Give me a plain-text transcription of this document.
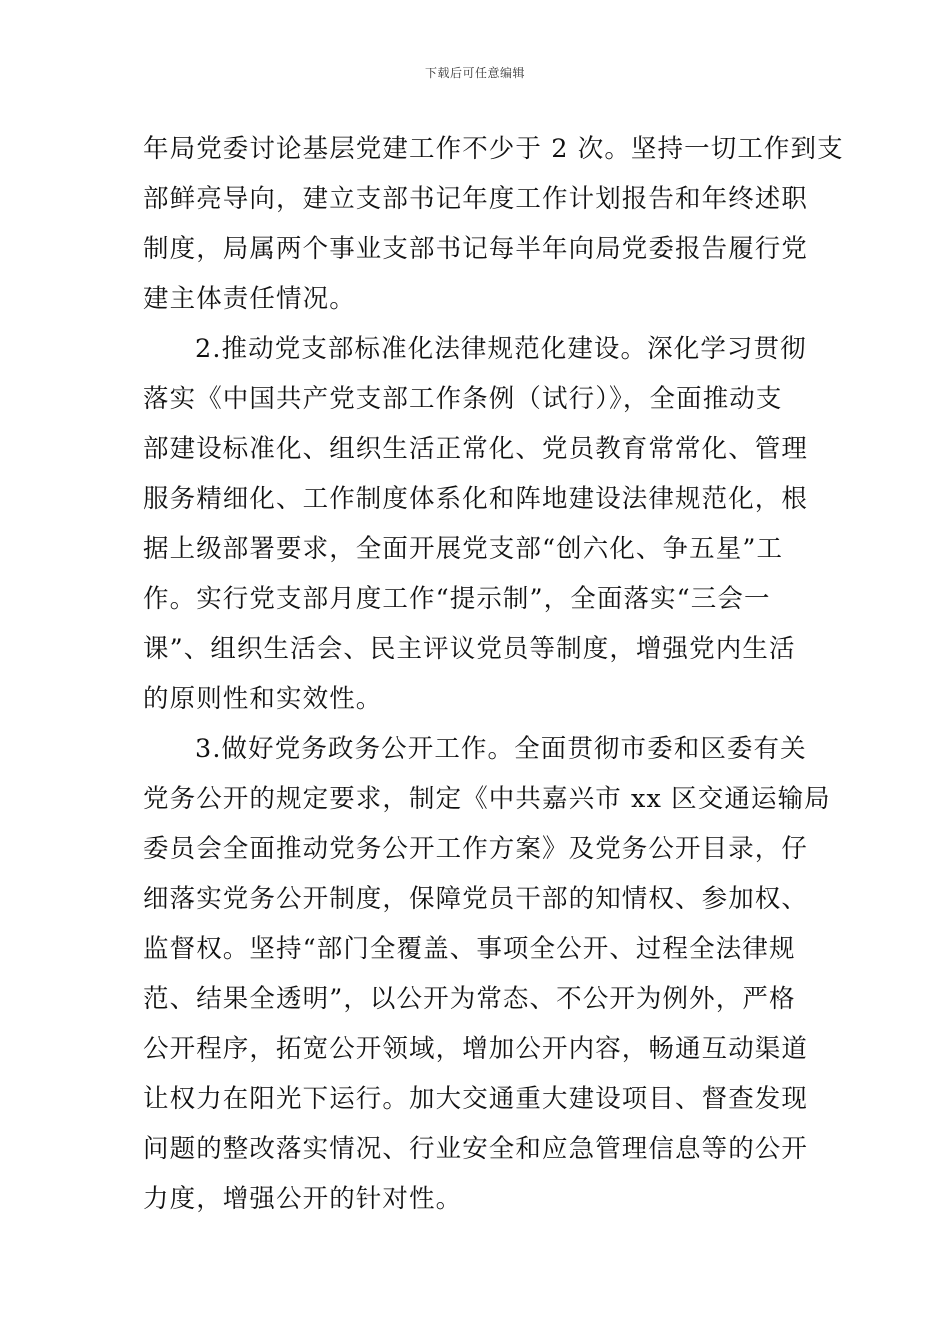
下载后可任意编辑
年局党委讨论基层党建工作不少于 2 次。坚持一切工作到支
部鲜亮导向，建立支部书记年度工作计划报告和年终述职
制度，局属两个事业支部书记每半年向局党委报告履行党
建主体责任情况。
2.推动党支部标准化法律规范化建设。深化学习贯彻
落实《中国共产党支部工作条例（试行）》，全面推动支
部建设标准化、组织生活正常化、党员教育常常化、管理
服务精细化、工作制度体系化和阵地建设法律规范化，根
据上级部署要求，全面开展党支部“创六化、争五星”工
作。实行党支部月度工作“提示制”，全面落实“三会一
课”、组织生活会、民主评议党员等制度，增强党内生活
的原则性和实效性。
3.做好党务政务公开工作。全面贯彻市委和区委有关
党务公开的规定要求，制定《中共嘉兴市 xx 区交通运输局
委员会全面推动党务公开工作方案》及党务公开目录，仔
细落实党务公开制度，保障党员干部的知情权、参加权、
监督权。坚持“部门全覆盖、事项全公开、过程全法律规
范、结果全透明”，以公开为常态、不公开为例外，严格
公开程序，拓宽公开领域，增加公开内容，畅通互动渠道
让权力在阳光下运行。加大交通重大建设项目、督查发现
问题的整改落实情况、行业安全和应急管理信息等的公开
力度，增强公开的针对性。
